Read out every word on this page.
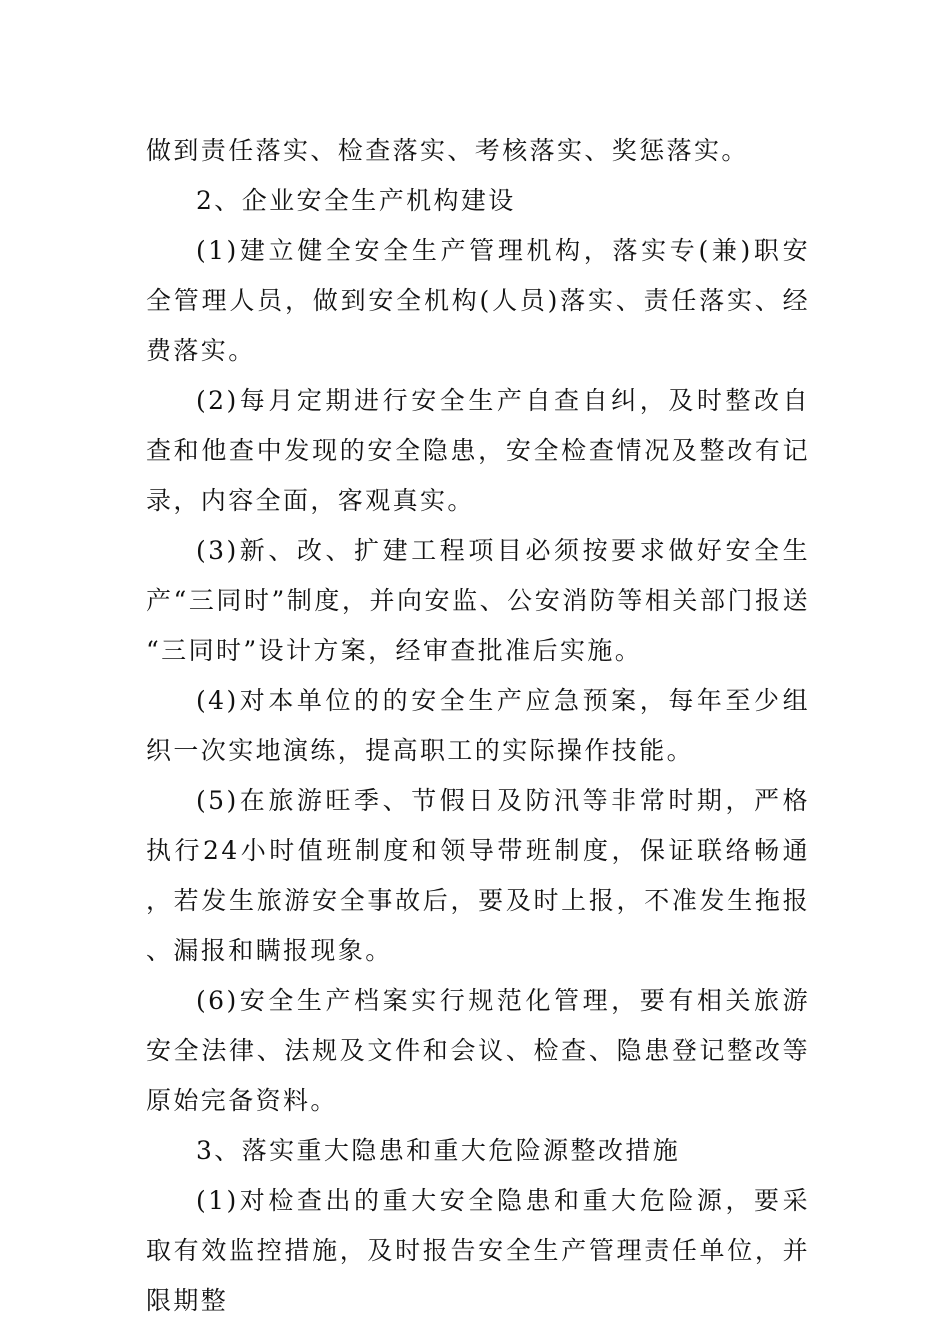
做到责任落实、检查落实、考核落实、奖惩落实。

2、企业安全生产机构建设

(1)建立健全安全生产管理机构，落实专(兼)职安全管理人员，做到安全机构(人员)落实、责任落实、经费落实。

(2)每月定期进行安全生产自查自纠，及时整改自查和他查中发现的安全隐患，安全检查情况及整改有记录，内容全面，客观真实。

(3)新、改、扩建工程项目必须按要求做好安全生产“三同时”制度，并向安监、公安消防等相关部门报送“三同时”设计方案，经审查批准后实施。

(4)对本单位的的安全生产应急预案，每年至少组织一次实地演练，提高职工的实际操作技能。

(5)在旅游旺季、节假日及防汛等非常时期，严格执行24小时值班制度和领导带班制度，保证联络畅通，若发生旅游安全事故后，要及时上报，不准发生拖报、漏报和瞒报现象。

(6)安全生产档案实行规范化管理，要有相关旅游安全法律、法规及文件和会议、检查、隐患登记整改等原始完备资料。

3、落实重大隐患和重大危险源整改措施

(1)对检查出的重大安全隐患和重大危险源，要采取有效监控措施，及时报告安全生产管理责任单位，并限期整
